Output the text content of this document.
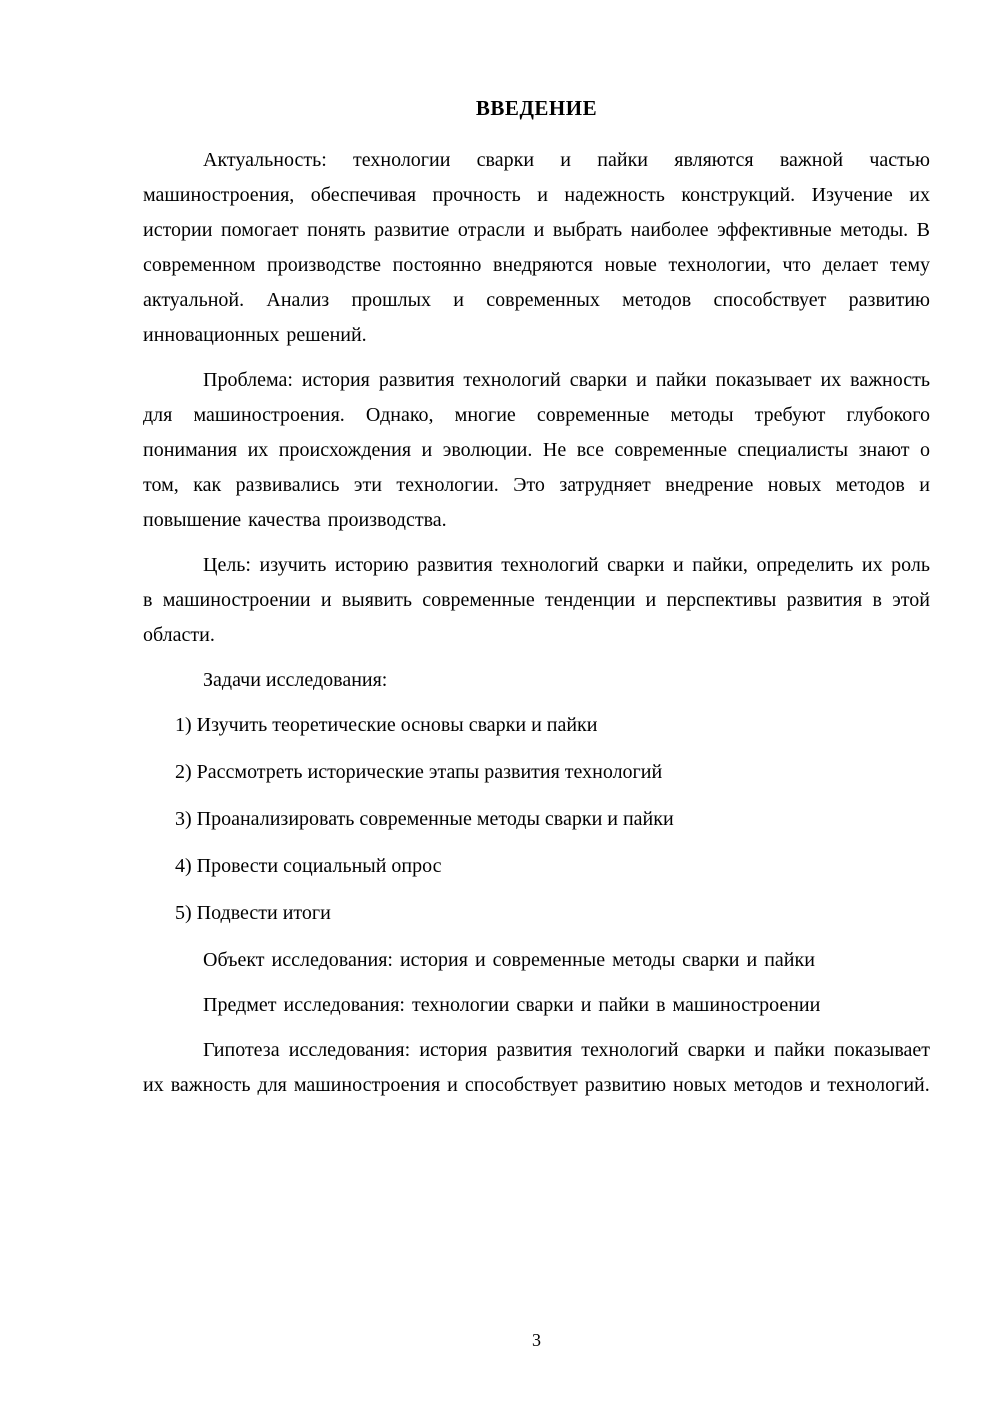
ВВЕДЕНИЕ

Актуальность: технологии сварки и пайки являются важной частью машиностроения, обеспечивая прочность и надежность конструкций. Изучение их истории помогает понять развитие отрасли и выбрать наиболее эффективные методы. В современном производстве постоянно внедряются новые технологии, что делает тему актуальной. Анализ прошлых и современных методов способствует развитию инновационных решений.

Проблема: история развития технологий сварки и пайки показывает их важность для машиностроения. Однако, многие современные методы требуют глубокого понимания их происхождения и эволюции. Не все современные специалисты знают о том, как развивались эти технологии. Это затрудняет внедрение новых методов и повышение качества производства.

Цель: изучить историю развития технологий сварки и пайки, определить их роль в машиностроении и выявить современные тенденции и перспективы развития в этой области.

Задачи исследования:

1) Изучить теоретические основы сварки и пайки

2) Рассмотреть исторические этапы развития технологий

3) Проанализировать современные методы сварки и пайки

4) Провести социальный опрос

5) Подвести итоги

Объект исследования: история и современные методы сварки и пайки

Предмет исследования: технологии сварки и пайки в машиностроении

Гипотеза исследования: история развития технологий сварки и пайки показывает их важность для машиностроения и способствует развитию новых методов и технологий.

3
